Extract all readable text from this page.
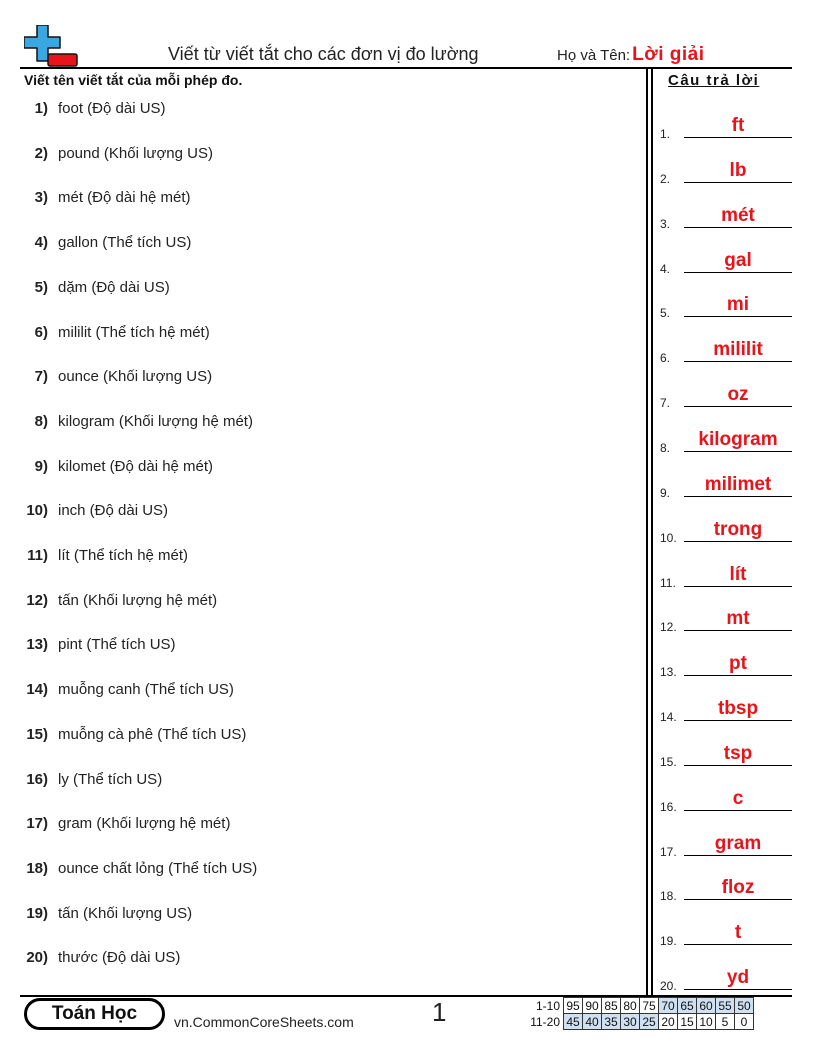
Viết từ viết tắt cho các đơn vị đo lường	Họ và Tên: Lời giải
Viết tên viết tắt của mỗi phép đo.	Câu trả lời
1) foot (Độ dài US)
2) pound (Khối lượng US)
3) mét (Độ dài hệ mét)
4) gallon (Thể tích US)
5) dặm (Độ dài US)
6) mililit (Thể tích hệ mét)
7) ounce (Khối lượng US)
8) kilogram (Khối lượng hệ mét)
9) kilomet (Độ dài hệ mét)
10) inch (Độ dài US)
11) lít (Thể tích hệ mét)
12) tấn (Khối lượng hệ mét)
13) pint (Thể tích US)
14) muỗng canh (Thể tích US)
15) muỗng cà phê (Thể tích US)
16) ly (Thể tích US)
17) gram (Khối lượng hệ mét)
18) ounce chất lỏng (Thể tích US)
19) tấn (Khối lượng US)
20) thước (Độ dài US)
1.	ft
2.	lb
3.	mét
4.	gal
5.	mi
6.	mililit
7.	oz
8.	kilogram
9.	milimet
10.	trong
11.	lít
12.	mt
13.	pt
14.	tbsp
15.	tsp
16.	c
17.	gram
18.	floz
19.	t
20.	yd
Toán Học	vn.CommonCoreSheets.com	1	1-10	95	90	85	80	75	70	65	60	55	50
11-20	45	40	35	30	25	20	15	10	5	0
